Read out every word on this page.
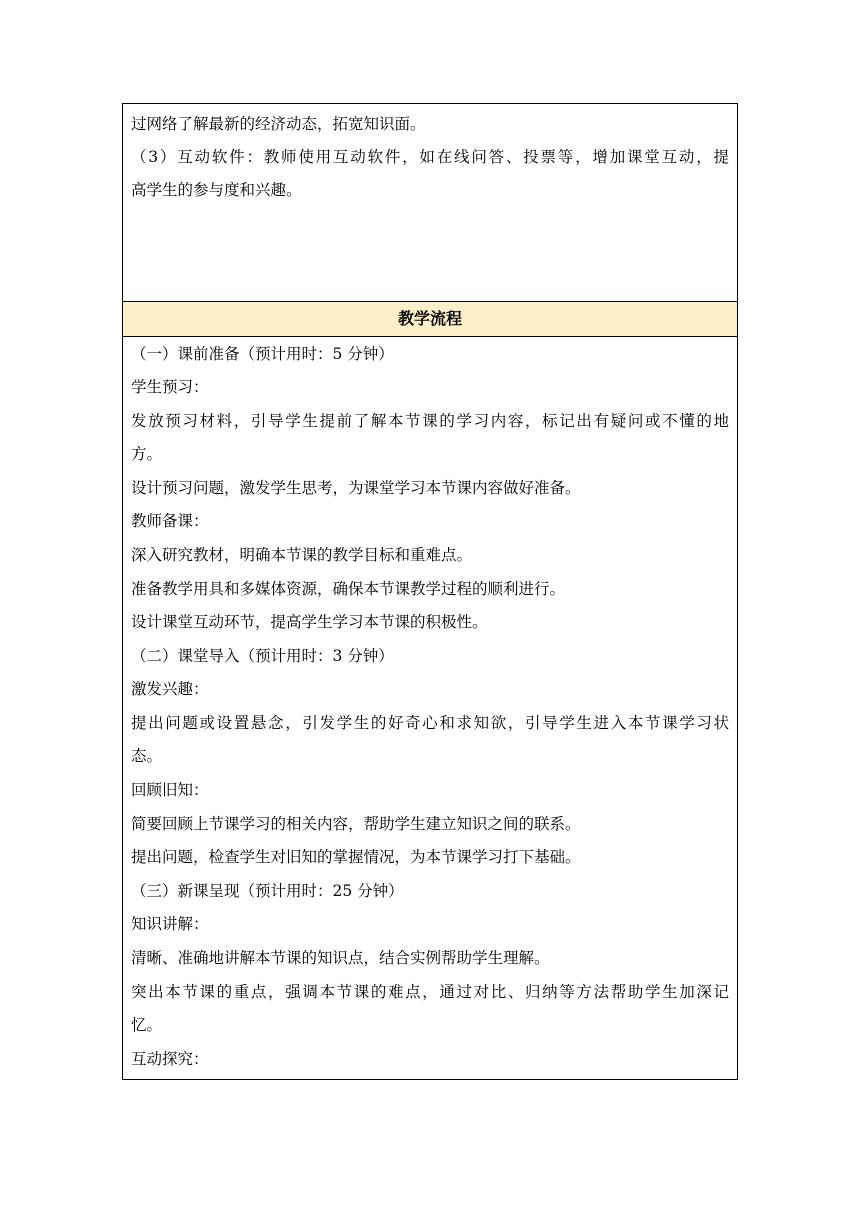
过网络了解最新的经济动态，拓宽知识面。
（3）互动软件：教师使用互动软件，如在线问答、投票等，增加课堂互动，提
高学生的参与度和兴趣。
教学流程
（一）课前准备（预计用时：5 分钟）
学生预习：
发放预习材料，引导学生提前了解本节课的学习内容，标记出有疑问或不懂的地
方。
设计预习问题，激发学生思考，为课堂学习本节课内容做好准备。
教师备课：
深入研究教材，明确本节课的教学目标和重难点。
准备教学用具和多媒体资源，确保本节课教学过程的顺利进行。
设计课堂互动环节，提高学生学习本节课的积极性。
（二）课堂导入（预计用时：3 分钟）
激发兴趣：
提出问题或设置悬念，引发学生的好奇心和求知欲，引导学生进入本节课学习状
态。
回顾旧知：
简要回顾上节课学习的相关内容，帮助学生建立知识之间的联系。
提出问题，检查学生对旧知的掌握情况，为本节课学习打下基础。
（三）新课呈现（预计用时：25 分钟）
知识讲解：
清晰、准确地讲解本节课的知识点，结合实例帮助学生理解。
突出本节课的重点，强调本节课的难点，通过对比、归纳等方法帮助学生加深记
忆。
互动探究：
